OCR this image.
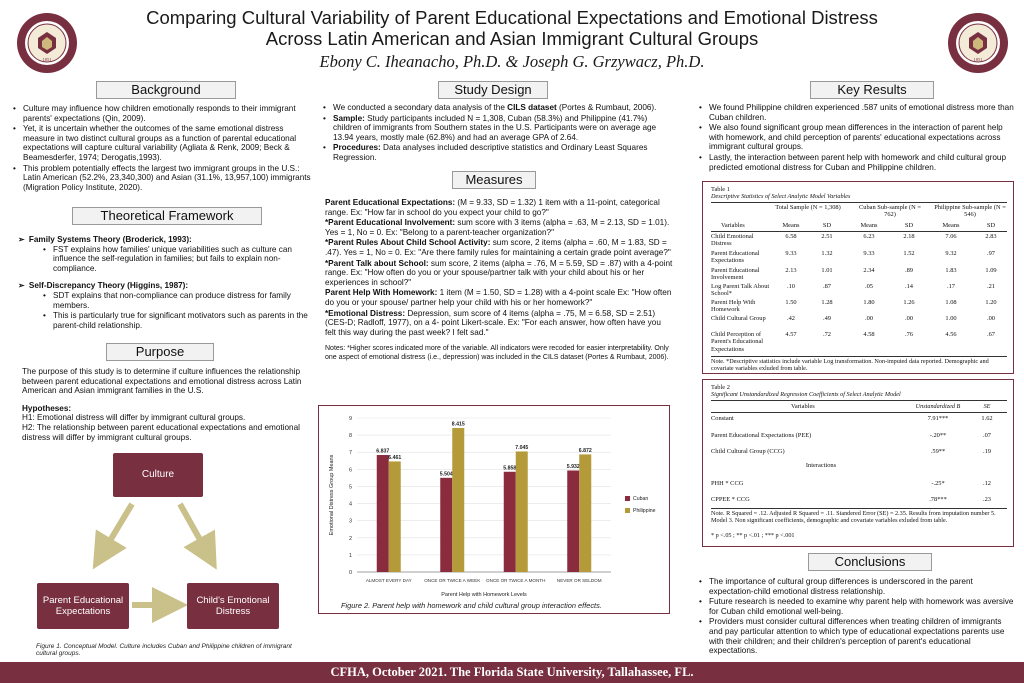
1851
Comparing Cultural Variability of Parent Educational Expectations and Emotional Distress
Across Latin American and Asian Immigrant Cultural Groups
Ebony C. Iheanacho, Ph.D. & Joseph G. Grzywacz, Ph.D.	1851
Background
• Culture may influence how children emotionally responds to their immigrant parents' expectations (Qin, 2009).
• Yet, it is uncertain whether the outcomes of the same emotional distress measure in two distinct cultural groups as a function of parental educational expectations will capture cultural variability (Agliata & Renk, 2009; Beck & Beamesderfer, 1974; Derogatis,1993).
• This problem potentially effects the largest two immigrant groups in the U.S.: Latin American (52.2%, 23,340,300) and Asian (31.1%, 13,957,100) immigrants (Migration Policy Institute, 2020).
Theoretical Framework
➢ Family Systems Theory (Broderick, 1993):
• FST explains how families' unique variabilities such as culture can influence the self-regulation in families; but fails to explain non-compliance.
➢ Self-Discrepancy Theory (Higgins, 1987):
• SDT explains that non-compliance can produce distress for family members.
• This is particularly true for significant motivators such as parents in the parent-child relationship.
Purpose
The purpose of this study is to determine if culture influences the relationship between parent educational expectations and emotional distress across Latin American and Asian immigrant families in the U.S.
Hypotheses:
H1: Emotional distress will differ by immigrant cultural groups.
H2: The relationship between parent educational expectations and emotional distress will differ by immigrant cultural groups.
Culture
Parent Educational Expectations
Child's Emotional Distress
Figure 1. Conceptual Model. Culture includes Cuban and Philippine children of immigrant cultural groups.
Study Design
• We conducted a secondary data analysis of the CILS dataset (Portes & Rumbaut, 2006).
• Sample: Study participants included N = 1,308, Cuban (58.3%) and Philippine (41.7%) children of immigrants from Southern states in the U.S. Participants were on average age 13.94 years, mostly male (62.8%) and had an average GPA of 2.64.
• Procedures: Data analyses included descriptive statistics and Ordinary Least Squares Regression.
Measures
Parent Educational Expectations: (M = 9.33, SD = 1.32) 1 item with a 11-point, categorical range. Ex: "How far in school do you expect your child to go?"
*Parent Educational Involvement: sum score with 3 items (alpha = .63, M = 2.13, SD = 1.01). Yes = 1, No = 0. Ex: "Belong to a parent-teacher organization?"
*Parent Rules About Child School Activity: sum score, 2 items (alpha = .60, M = 1.83, SD = .47). Yes = 1, No = 0. Ex: "Are there family rules for maintaining a certain grade point average?"
*Parent Talk about School: sum score, 2 items (alpha = .76, M = 5.59, SD = .87) with a 4-point range. Ex: "How often do you or your spouse/partner talk with your child about his or her experiences in school?"
Parent Help With Homework: 1 item (M = 1.50, SD = 1.28) with a 4-point scale Ex: "How often do you or your spouse/ partner help your child with his or her homework?"
*Emotional Distress: Depression, sum score of 4 items (alpha = .75, M = 6.58, SD = 2.51) (CES-D; Radloff, 1977), on a 4- point Likert-scale. Ex: "For each answer, how often have you felt this way during the past week? I felt sad."
Notes: *Higher scores indicated more of the variable. All indicators were recoded for easier interpretability. Only one aspect of emotional distress (i.e., depression) was included in the CILS dataset (Portes & Rumbaut, 2006).
0
1
2
3
4
5
6
7
8
9
Emotional Distress Group Means
6.837
6.461
ALMOST EVERY DAY
5.504
8.415
ONCE OR TWICE A WEEK
5.858
7.045
ONCE OR TWICE A MONTH
5.932
6.872
NEVER OR SELDOM
Parent Help with Homework Levels
Cuban
Philippine
Figure 2. Parent help with homework and child cultural group interaction effects.
Key Results
• We found Philippine children experienced .587 units of emotional distress more than Cuban children.
• We also found significant group mean differences in the interaction of parent help with homework, and child perception of parents' educational expectations across immigrant cultural groups.
• Lastly, the interaction between parent help with homework and child cultural group predicted emotional distress for Cuban and Philippine children.
Table 1
Descriptive Statistics of Select Analytic Model Variables
Total Sample (N = 1,308)	Cuban Sub-sample (N = 762)
Philippine Sub-sample (N = 546)
Variables	Means	SD	Means	SD	Means	SD
Child Emotional Distress
6.58	2.51	6.23	2.18	7.06	2.83
Parent Educational Expectations
9.33	1.32	9.33	1.52	9.32	.97
Parent Educational Involvement
2.13	1.01	2.34	.89	1.83	1.09
Log Parent Talk About School*
.10	.87	.05	.14	.17	.21
Parent Help With Homework
1.50	1.28	1.80	1.26	1.08	1.20
Child Cultural Group	.42	.49	.00	.00	1.00	.00
Child Perception of Parent's Educational Expectations
4.57	.72	4.58	.76	4.56	.67
Note. *Descriptive statistics include variable Log transformation. Non-imputed data reported. Demographic and covariate variables exluded from table.
Table 2
Significant Unstandardized Regression Coefficients of Select Analytic Model
Variables	Unstandardized B	SE
Constant	7.91***	1.62
Parent Educational Expectations (PEE)	-.20**	.07
Child Cultural Group (CCG)	.59**	.19
Interactions
PHH * CCG	-.25*	.12
CPPEE * CCG	.78***	.23
Note. R Squared = .12. Adjusted R Squared = .11. Standered Error (SE) = 2.35. Results from imputation number 5. Model 3. Non significant coefficients, demographic and covariate variables exluded from table.
* p <.05 ; ** p <.01 ; *** p <.001
Conclusions
• The importance of cultural group differences is underscored in the parent expectation-child emotional distress relationship.
• Future research is needed to examine why parent help with homework was aversive for Cuban child emotional well-being.
• Providers must consider cultural differences when treating children of immigrants and pay particular attention to which type of educational expectations parents use with their children; and their children's perception of parent's educational expectations.
CFHA, October 2021. The Florida State University, Tallahassee, FL.
